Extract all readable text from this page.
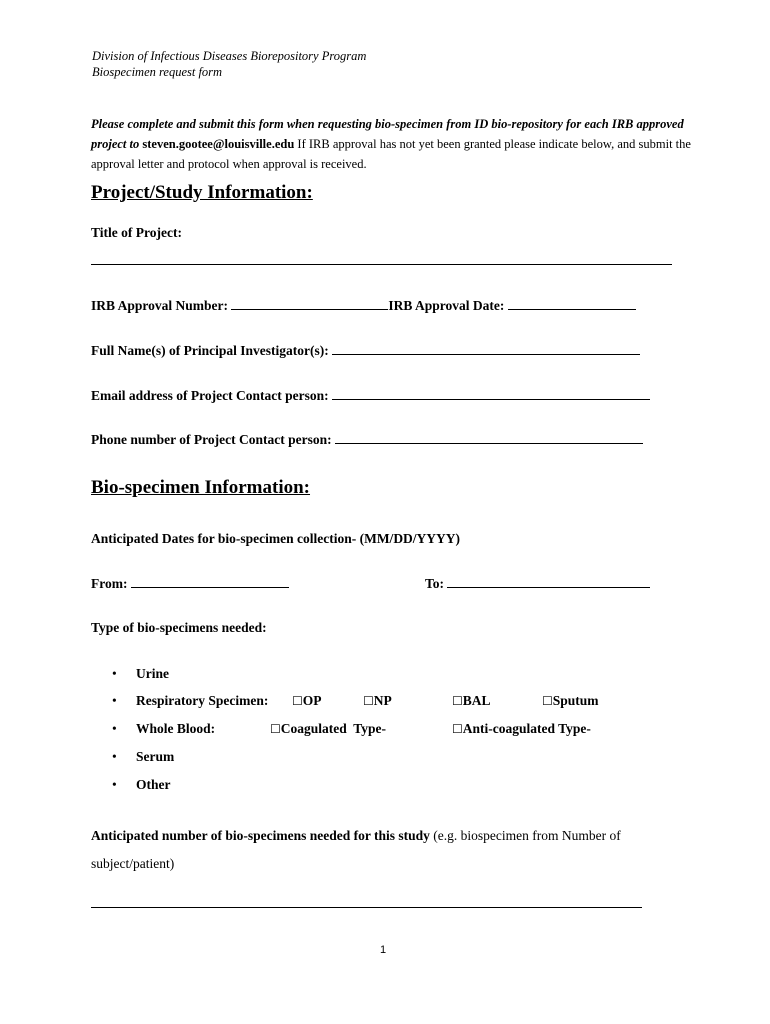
Division of Infectious Diseases Biorepository Program
Biospecimen request form
Please complete and submit this form when requesting bio-specimen from ID bio-repository for each IRB approved project to steven.gootee@louisville.edu If IRB approval has not yet been granted please indicate below, and submit the approval letter and protocol when approval is received.
Project/Study Information:
Title of Project:
IRB Approval Number:	IRB Approval Date:
Full Name(s) of Principal Investigator(s):
Email address of Project Contact person:
Phone number of Project Contact person:
Bio-specimen Information:
Anticipated Dates for bio-specimen collection- (MM/DD/YYYY)
From:	To:
Type of bio-specimens needed:
• Urine
• Respiratory Specimen: ☐OP	☐NP	☐BAL	☐Sputum
• Whole Blood:	☐Coagulated  Type-	☐Anti-coagulated Type-
• Serum
• Other
Anticipated number of bio-specimens needed for this study (e.g. biospecimen from Number of subject/patient)
1
